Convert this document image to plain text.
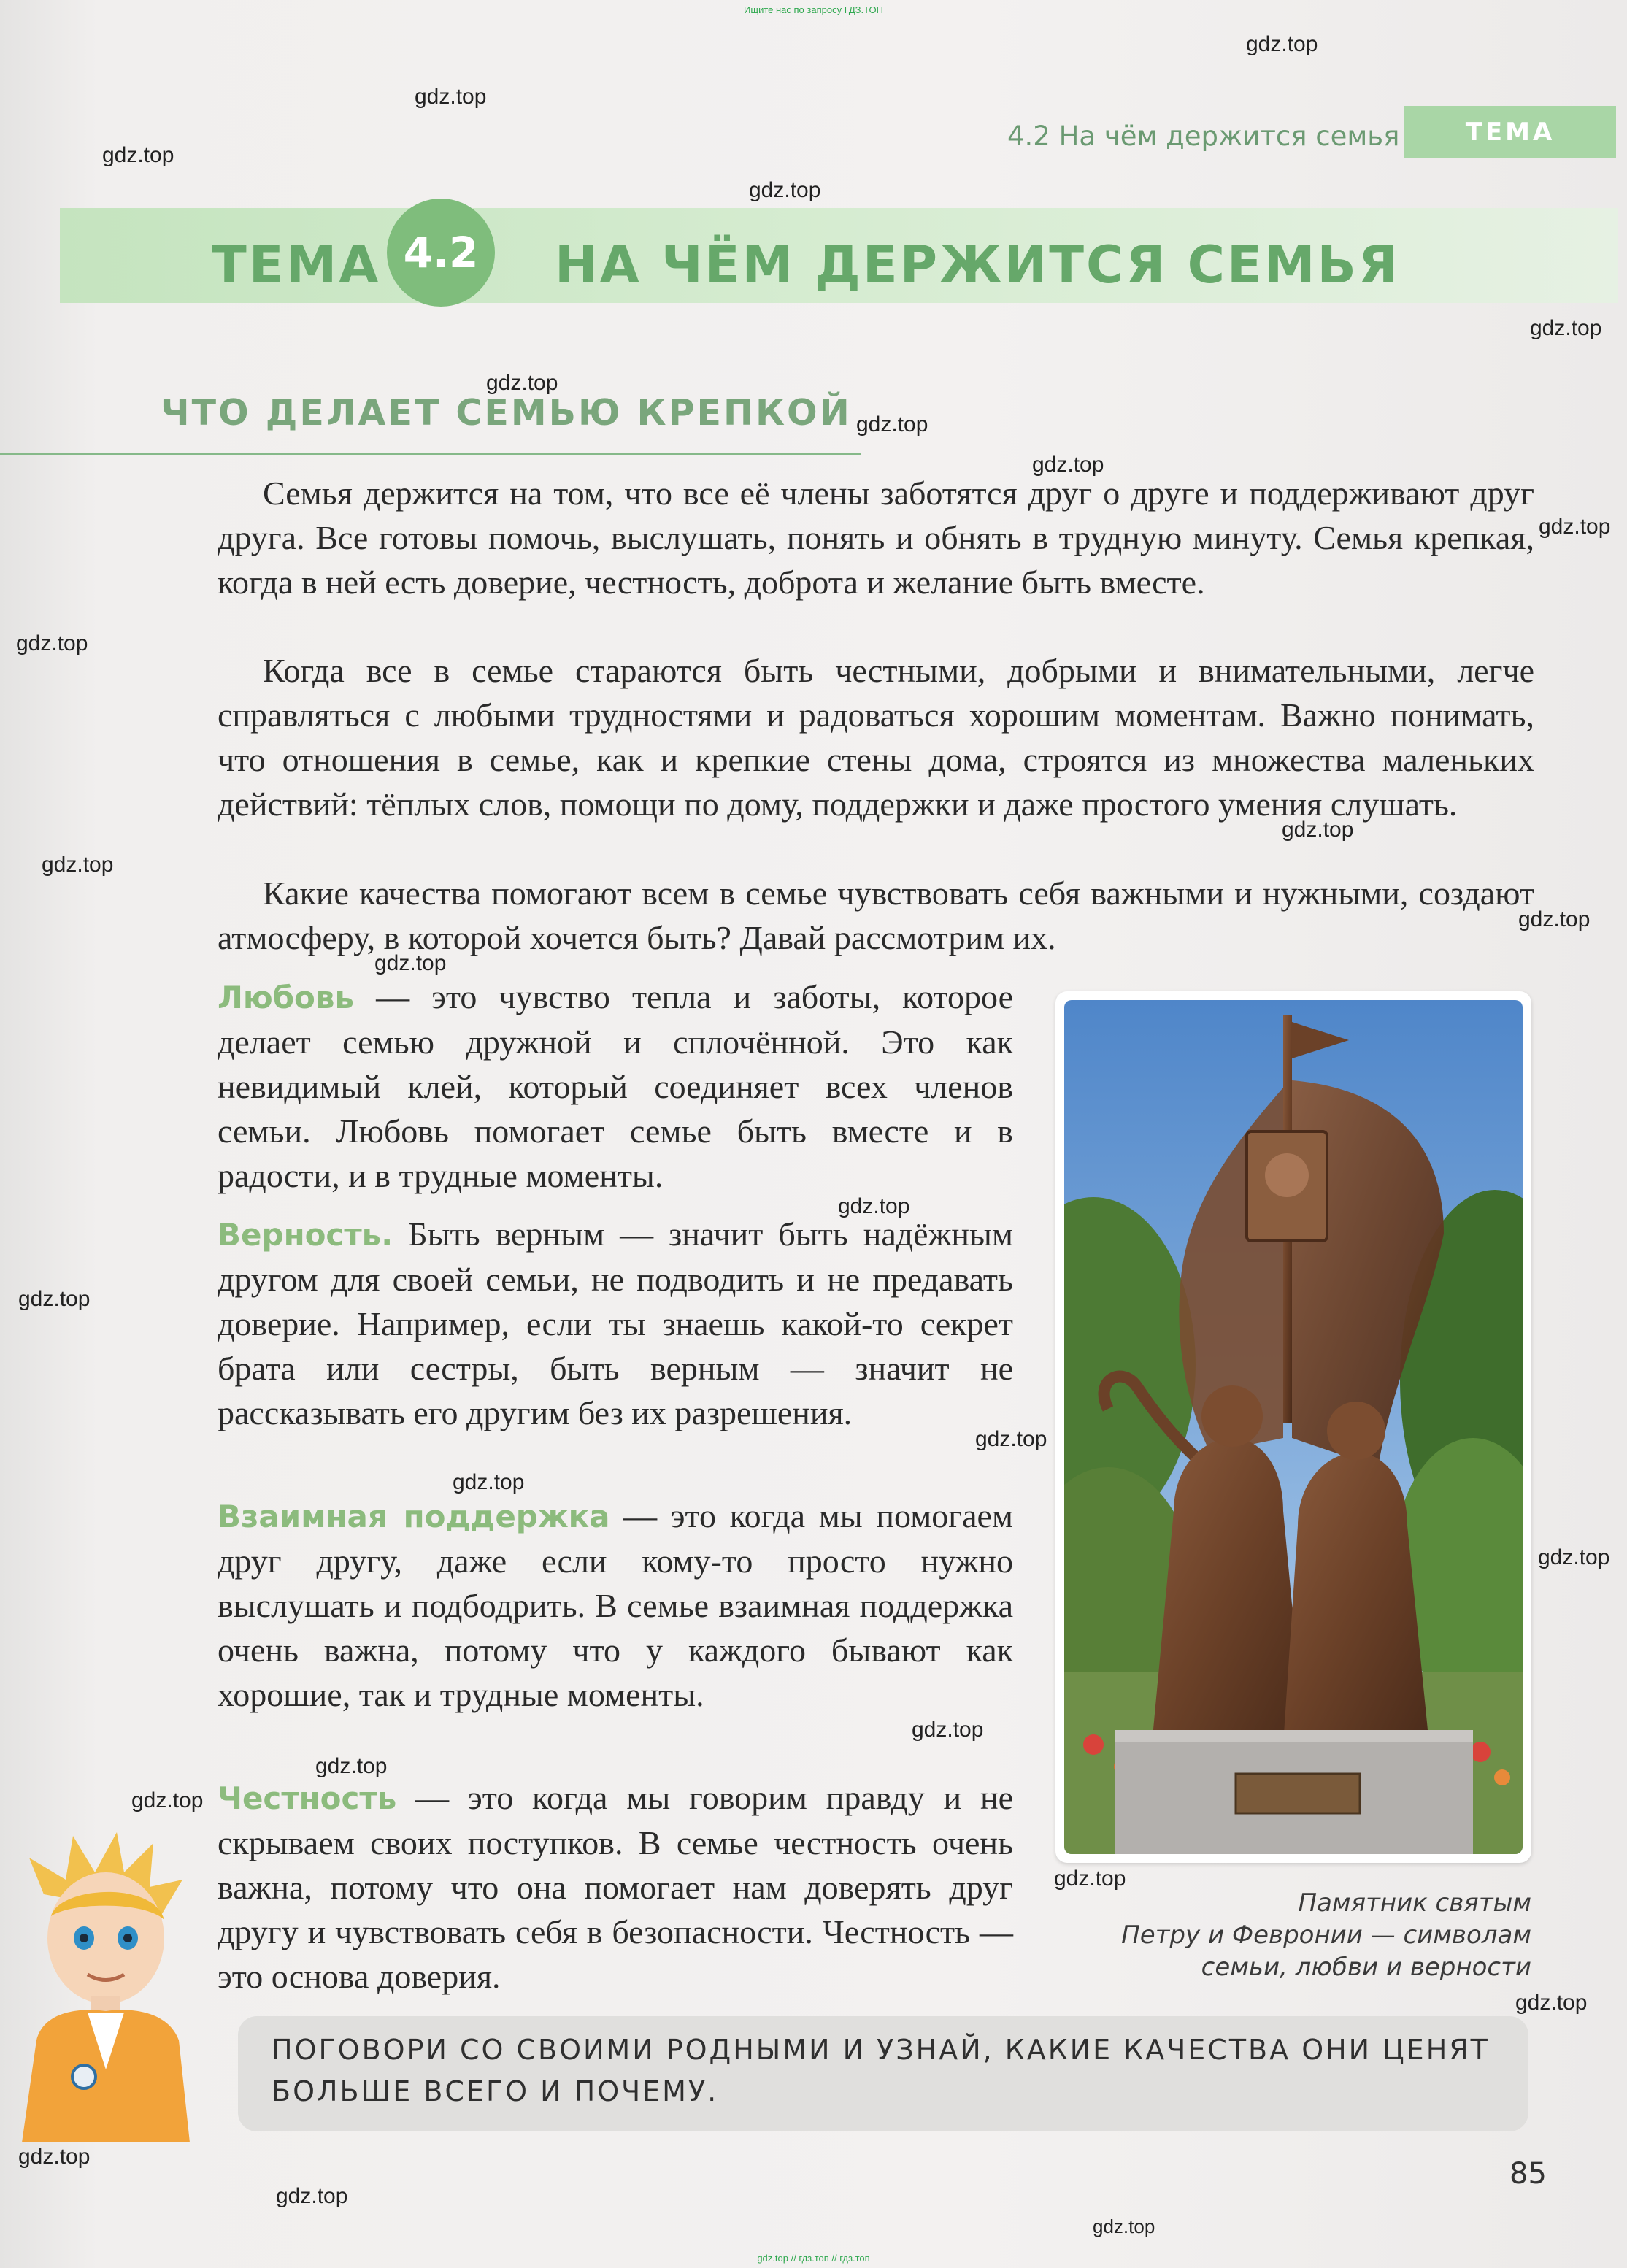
Ищите нас по запросу ГДЗ.ТОП
gdz.top
gdz.top
gdz.top
gdz.top
gdz.top
gdz.top
gdz.top
gdz.top
gdz.top
gdz.top
gdz.top
gdz.top
gdz.top
gdz.top
gdz.top
gdz.top
gdz.top
gdz.top
gdz.top
gdz.top
gdz.top
gdz.top
gdz.top
gdz.top
gdz.top
gdz.top
gdz.top
4.2 На чём держится семья	ТЕМА
ТЕМА 4.2	НА ЧЁМ ДЕРЖИТСЯ СЕМЬЯ
ЧТО ДЕЛАЕТ СЕМЬЮ КРЕПКОЙ

Семья держится на том, что все её члены заботятся друг о друге и поддерживают друг друга. Все готовы помочь, выслушать, понять и обнять в трудную минуту. Семья крепкая, когда в ней есть доверие, честность, доброта и желание быть вместе.

Когда все в семье стараются быть честными, добрыми и внимательными, легче справляться с любыми трудностями и радоваться хорошим моментам. Важно понимать, что отношения в семье, как и крепкие стены дома, строятся из множества маленьких действий: тёплых слов, помощи по дому, поддержки и даже простого умения слушать.

Какие качества помогают всем в семье чувствовать себя важными и нужными, создают атмосферу, в которой хочется быть? Давай рассмотрим их.

Любовь — это чувство тепла и заботы, которое делает семью дружной и сплочённой. Это как невидимый клей, который соединяет всех членов семьи. Любовь помогает семье быть вместе и в радости, и в трудные моменты.

Верность. Быть верным — значит быть надёжным другом для своей семьи, не подводить и не предавать доверие. Например, если ты знаешь какой-то секрет брата или сестры, быть верным — значит не рассказывать его другим без их разрешения.

Взаимная поддержка — это когда мы помогаем друг другу, даже если кому-то просто нужно выслушать и подбодрить. В семье взаимная поддержка очень важна, потому что у каждого бывают как хорошие, так и трудные моменты.

Честность — это когда мы говорим правду и не скрываем своих поступков. В семье честность очень важна, потому что она помогает нам доверять друг другу и чувствовать себя в безопасности. Честность — это основа доверия.

Памятник святым
Петру и Февронии — символам
семьи, любви и верности

ПОГОВОРИ СО СВОИМИ РОДНЫМИ И УЗНАЙ, КАКИЕ КАЧЕСТВА ОНИ ЦЕНЯТ БОЛЬШЕ ВСЕГО И ПОЧЕМУ.

85
gdz.top // гдз.топ // гдз.топ
